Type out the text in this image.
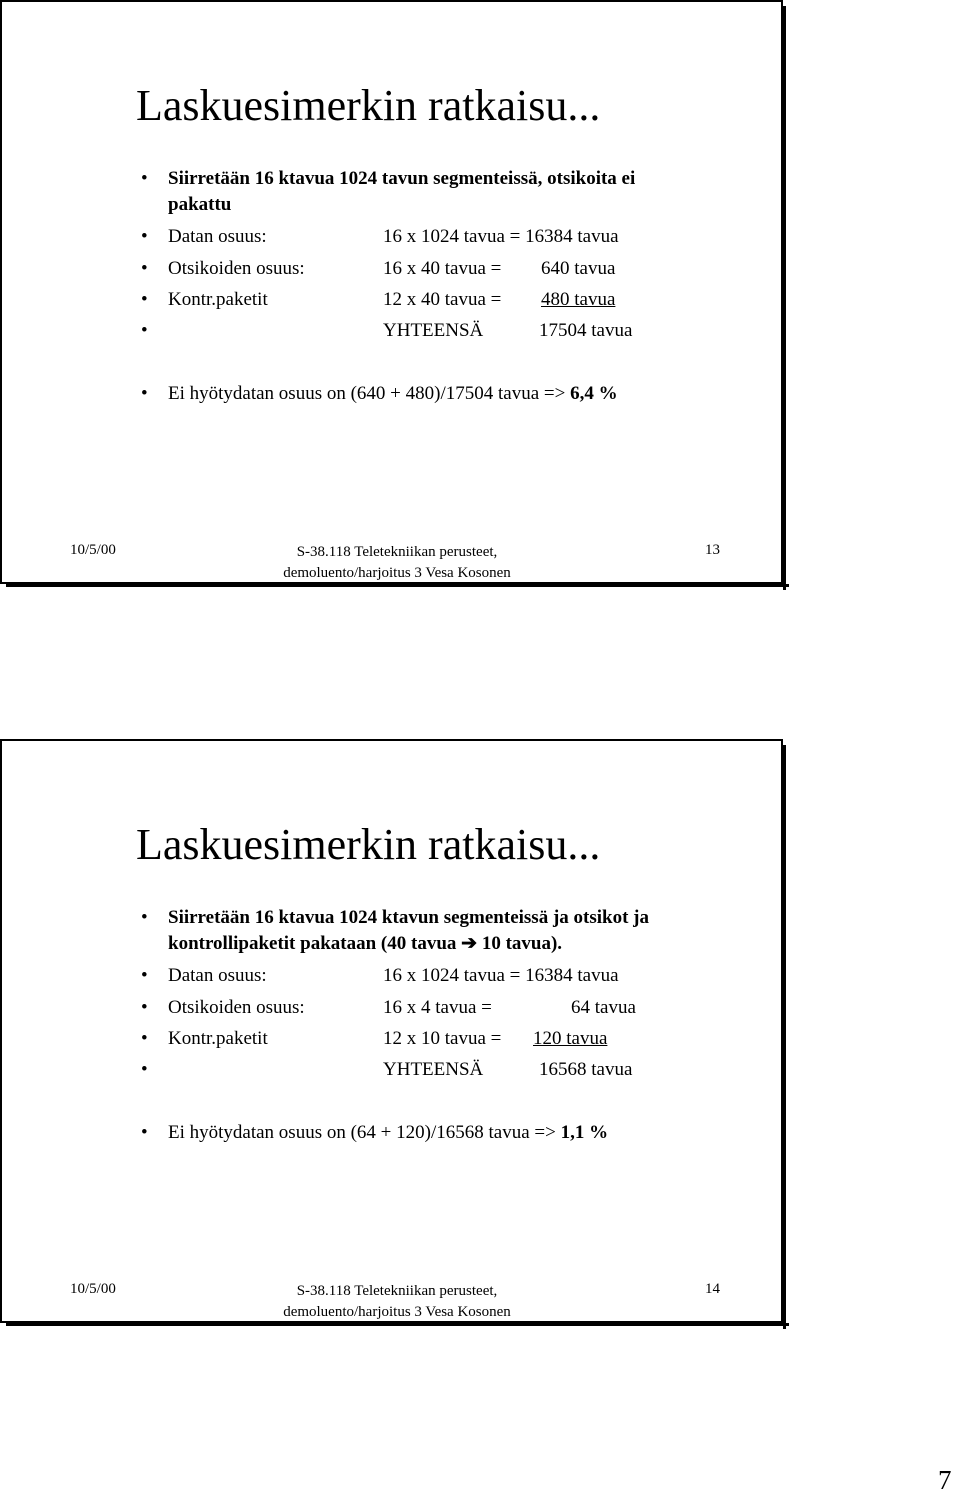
Laskuesimerkin ratkaisu...
• Siirretään 16 ktavua 1024 tavun segmenteissä, otsikoita ei
pakattu
• Datan osuus:	16 x 1024 tavua = 16384 tavua
• Otsikoiden osuus:	16 x 40 tavua = 640 tavua
• Kontr.paketit	12 x 40 tavua = 480 tavua
•	YHTEENSÄ	17504 tavua
• Ei hyötydatan osuus on (640 + 480)/17504 tavua => 6,4 %
10/5/00	S-38.118 Teletekniikan perusteet, demoluento/harjoitus 3 Vesa Kosonen
13
Laskuesimerkin ratkaisu...
• Siirretään 16 ktavua 1024 ktavun segmenteissä ja otsikot ja
kontrollipaketit pakataan (40 tavua ➔ 10 tavua).
• Datan osuus:	16 x 1024 tavua = 16384 tavua
• Otsikoiden osuus:	16 x 4 tavua =	64 tavua
• Kontr.paketit	12 x 10 tavua = 120 tavua
•	YHTEENSÄ	16568 tavua
• Ei hyötydatan osuus on (64 + 120)/16568 tavua => 1,1 %
10/5/00	S-38.118 Teletekniikan perusteet, demoluento/harjoitus 3 Vesa Kosonen
14
7
